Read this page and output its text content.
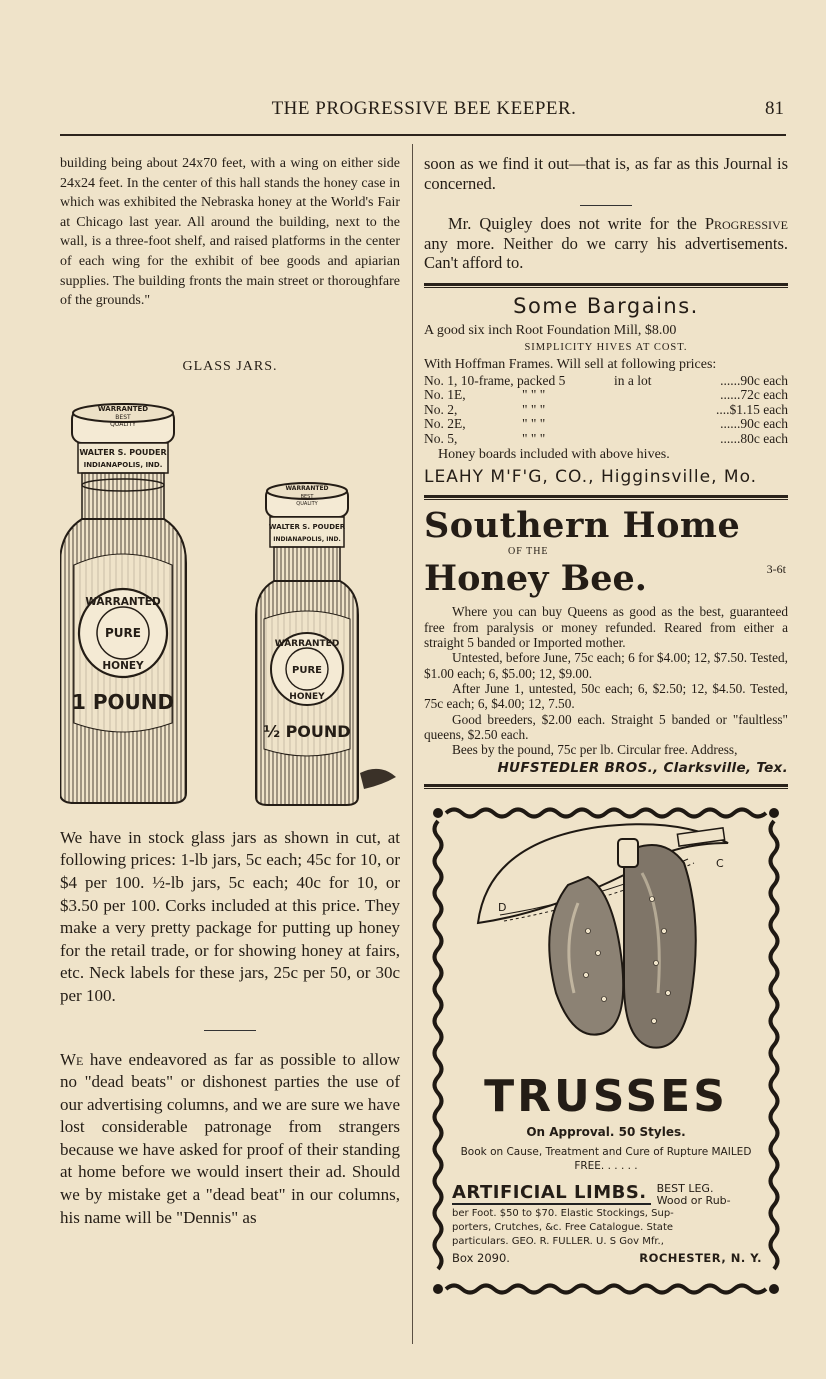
THE PROGRESSIVE BEE KEEPER.	81

building being about 24x70 feet, with a wing on either side 24x24 feet. In the center of this hall stands the honey case in which was exhibited the Nebraska honey at the World's Fair at Chicago last year. All around the building, next to the wall, is a three-foot shelf, and raised platforms in the center of each wing for the exhibit of bee goods and apiarian supplies. The building fronts the main street or thoroughfare of the grounds."

GLASS JARS.
WARRANTED
BEST
QUALITY
WALTER S. POUDER
INDIANAPOLIS, IND.
WARRANTED
PURE
HONEY
1 POUND
WARRANTED
BEST
QUALITY
WALTER S. POUDER
INDIANAPOLIS, IND.
WARRANTED
PURE
HONEY
½ POUND

We have in stock glass jars as shown in cut, at following prices: 1-lb jars, 5c each; 45c for 10, or $4 per 100. ½-lb jars, 5c each; 40c for 10, or $3.50 per 100. Corks included at this price. They make a very pretty package for putting up honey for the retail trade, or for showing honey at fairs, etc. Neck labels for these jars, 25c per 50, or 30c per 100.

We have endeavored as far as possible to allow no "dead beats" or dishonest parties the use of our advertising columns, and we are sure we have lost considerable patronage from strangers because we have asked for proof of their standing at home before we would insert their ad. Should we by mistake get a "dead beat" in our columns, his name will be "Dennis" as

soon as we find it out—that is, as far as this Journal is concerned.

Mr. Quigley does not write for the Progressive any more. Neither do we carry his advertisements. Can't afford to.

Some Bargains.
A good six inch Root Foundation Mill, $8.00
SIMPLICITY HIVES AT COST.
With Hoffman Frames. Will sell at following prices:
No. 1, 10-frame, packed 5	in a lot	......90c each
No. 1E,	" " "	......72c each
No. 2,	" " "	....$1.15 each
No. 2E,	" " "	......90c each
No. 5,	" " "	......80c each
Honey boards included with above hives.
LEAHY M'F'G, CO., Higginsville, Mo.
Southern Home
OF THE
Honey Bee.	3-6t

Where you can buy Queens as good as the best, guaranteed free from paralysis or money refunded. Reared from either a straight 5 banded or Imported mother.

Untested, before June, 75c each; 6 for $4.00; 12, $7.50. Tested, $1.00 each; 6, $5.00; 12, $9.00.

After June 1, untested, 50c each; 6, $2.50; 12, $4.50. Tested, 75c each; 6, $4.00; 12, 7.50.

Good breeders, $2.00 each. Straight 5 banded or "faultless" queens, $2.50 each.

Bees by the pound, 75c per lb. Circular free. Address,

HUFSTEDLER BROS., Clarksville, Tex.
D
C
TRUSSES
On Approval. 50 Styles.
Book on Cause, Treatment and Cure of Rupture MAILED FREE. . . . . .
ARTIFICIAL LIMBS. BEST LEG.
Wood or Rub-
ber Foot. $50 to $70. Elastic Stockings, Sup-
porters, Crutches, &c. Free Catalogue. State
particulars. GEO. R. FULLER. U. S Gov Mfr.,
Box 2090.	ROCHESTER, N. Y.
